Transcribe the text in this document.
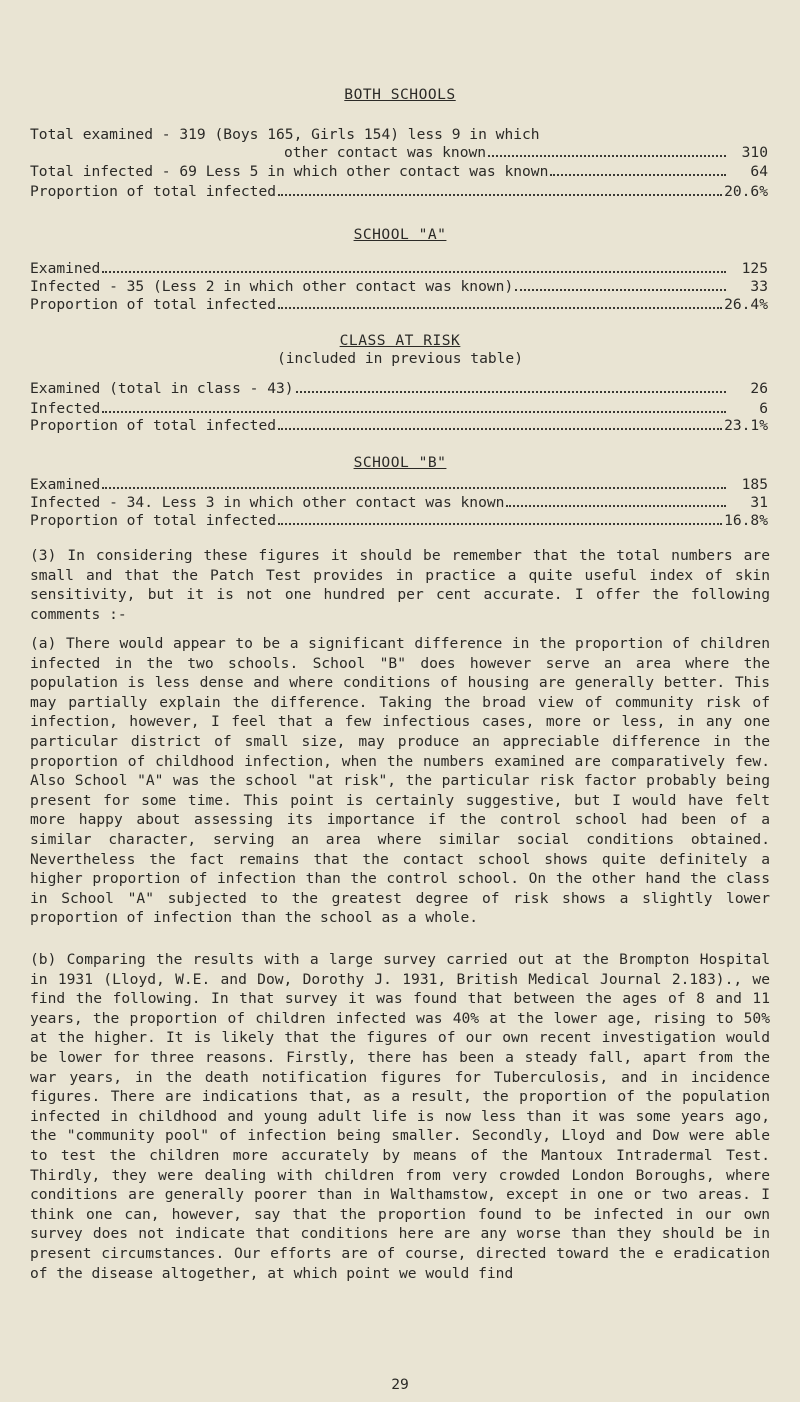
BOTH SCHOOLS
Total examined - 319 (Boys 165, Girls 154) less 9 in which
other contact was known	310
Total infected - 69 Less 5 in which other contact was known	64
Proportion of total infected	20.6%
SCHOOL "A"
Examined	125
Infected - 35 (Less 2 in which other contact was known)	33
Proportion of total infected	26.4%
CLASS AT RISK
(included in previous table)
Examined (total in class - 43)	26
Infected	6
Proportion of total infected	23.1%
SCHOOL "B"
Examined	185
Infected - 34. Less 3 in which other contact was known	31
Proportion of total infected	16.8%

(3) In considering these figures it should be remember that the total numbers are small and that the Patch Test provides in practice a quite useful index of skin sensitivity, but it is not one hundred per cent accurate. I offer the following comments :-

(a) There would appear to be a significant difference in the proportion of children infected in the two schools. School "B" does however serve an area where the population is less dense and where conditions of housing are generally better. This may partially explain the difference. Taking the broad view of community risk of infection, however, I feel that a few infectious cases, more or less, in any one particular district of small size, may produce an appreciable difference in the proportion of childhood infection, when the numbers examined are comparatively few. Also School "A" was the school "at risk", the particular risk factor probably being present for some time. This point is certainly suggestive, but I would have felt more happy about assessing its importance if the control school had been of a similar character, serving an area where similar social conditions obtained. Nevertheless the fact remains that the contact school shows quite definitely a higher proportion of infection than the control school. On the other hand the class in School "A" subjected to the greatest degree of risk shows a slightly lower proportion of infection than the school as a whole.

(b) Comparing the results with a large survey carried out at the Brompton Hospital in 1931 (Lloyd, W.E. and Dow, Dorothy J. 1931, British Medical Journal 2.183)., we find the following. In that survey it was found that between the ages of 8 and 11 years, the proportion of children infected was 40% at the lower age, rising to 50% at the higher. It is likely that the figures of our own recent investigation would be lower for three reasons. Firstly, there has been a steady fall, apart from the war years, in the death notification figures for Tuberculosis, and in incidence figures. There are indications that, as a result, the proportion of the population infected in childhood and young adult life is now less than it was some years ago, the "community pool" of infection being smaller. Secondly, Lloyd and Dow were able to test the children more accurately by means of the Mantoux Intradermal Test. Thirdly, they were dealing with children from very crowded London Boroughs, where conditions are generally poorer than in Walthamstow, except in one or two areas. I think one can, however, say that the proportion found to be infected in our own survey does not indicate that conditions here are any worse than they should be in present circumstances. Our efforts are of course, directed toward the e eradication of the disease altogether, at which point we would find

29
